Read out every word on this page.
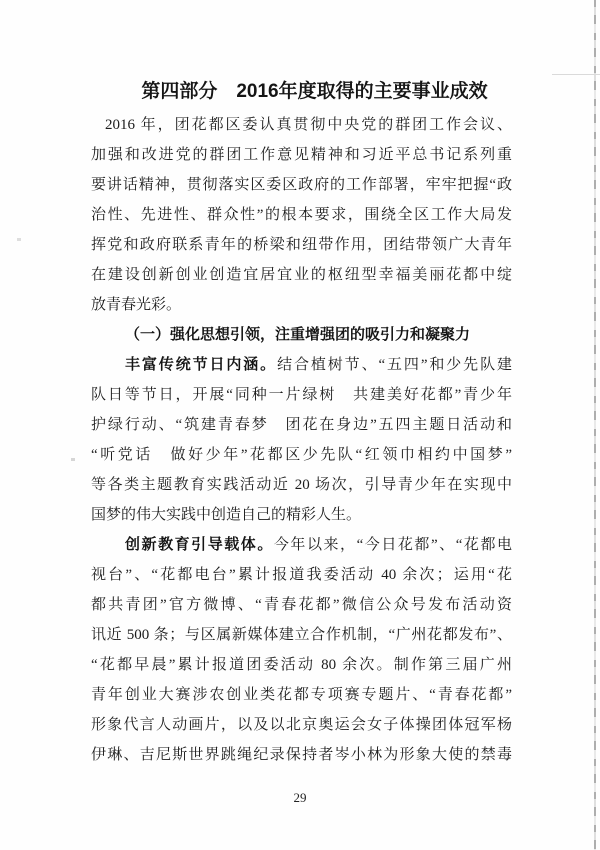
第四部分　2016年度取得的主要事业成效
2016 年，团花都区委认真贯彻中央党的群团工作会议、
加强和改进党的群团工作意见精神和习近平总书记系列重
要讲话精神，贯彻落实区委区政府的工作部署，牢牢把握“政
治性、先进性、群众性”的根本要求，围绕全区工作大局发
挥党和政府联系青年的桥梁和纽带作用，团结带领广大青年
在建设创新创业创造宜居宜业的枢纽型幸福美丽花都中绽
放青春光彩。
（一）强化思想引领，注重增强团的吸引力和凝聚力
丰富传统节日内涵。结合植树节、“五四”和少先队建
队日等节日，开展“同种一片绿树　共建美好花都”青少年
护绿行动、“筑建青春梦　团花在身边”五四主题日活动和
“听党话　做好少年”花都区少先队“红领巾相约中国梦”
等各类主题教育实践活动近 20 场次，引导青少年在实现中
国梦的伟大实践中创造自己的精彩人生。
创新教育引导载体。今年以来，“今日花都”、“花都电
视台”、“花都电台”累计报道我委活动 40 余次；运用“花
都共青团”官方微博、“青春花都”微信公众号发布活动资
讯近 500 条；与区属新媒体建立合作机制，“广州花都发布”、
“花都早晨”累计报道团委活动 80 余次。制作第三届广州
青年创业大赛涉农创业类花都专项赛专题片、“青春花都”
形象代言人动画片，以及以北京奥运会女子体操团体冠军杨
伊琳、吉尼斯世界跳绳纪录保持者岑小林为形象大使的禁毒
29
